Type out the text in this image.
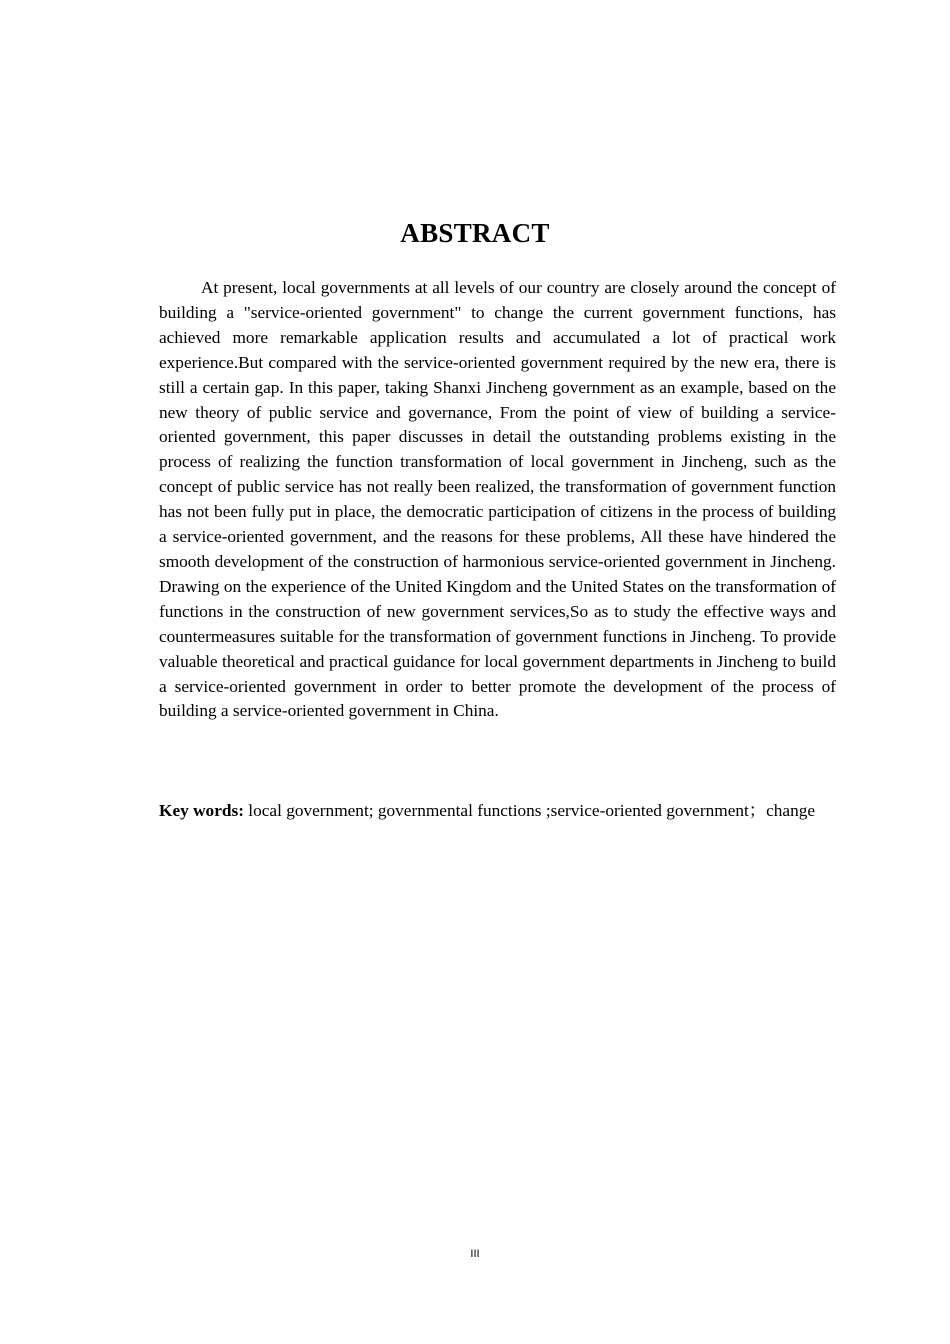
ABSTRACT

At present, local governments at all levels of our country are closely around the concept of building a "service-oriented government" to change the current government functions, has achieved more remarkable application results and accumulated a lot of practical work experience.But compared with the service-oriented government required by the new era, there is still a certain gap. In this paper, taking Shanxi Jincheng government as an example, based on the new theory of public service and governance, From the point of view of building a service-oriented government, this paper discusses in detail the outstanding problems existing in the process of realizing the function transformation of local government in Jincheng, such as the concept of public service has not really been realized, the transformation of government function has not been fully put in place, the democratic participation of citizens in the process of building a service-oriented government, and the reasons for these problems, All these have hindered the smooth development of the construction of harmonious service-oriented government in Jincheng. Drawing on the experience of the United Kingdom and the United States on the transformation of functions in the construction of new government services,So as to study the effective ways and countermeasures suitable for the transformation of government functions in Jincheng. To provide valuable theoretical and practical guidance for local government departments in Jincheng to build a service-oriented government in order to better promote the development of the process of building a service-oriented government in China.

Key words: local government; governmental functions ;service-oriented government；change

III
